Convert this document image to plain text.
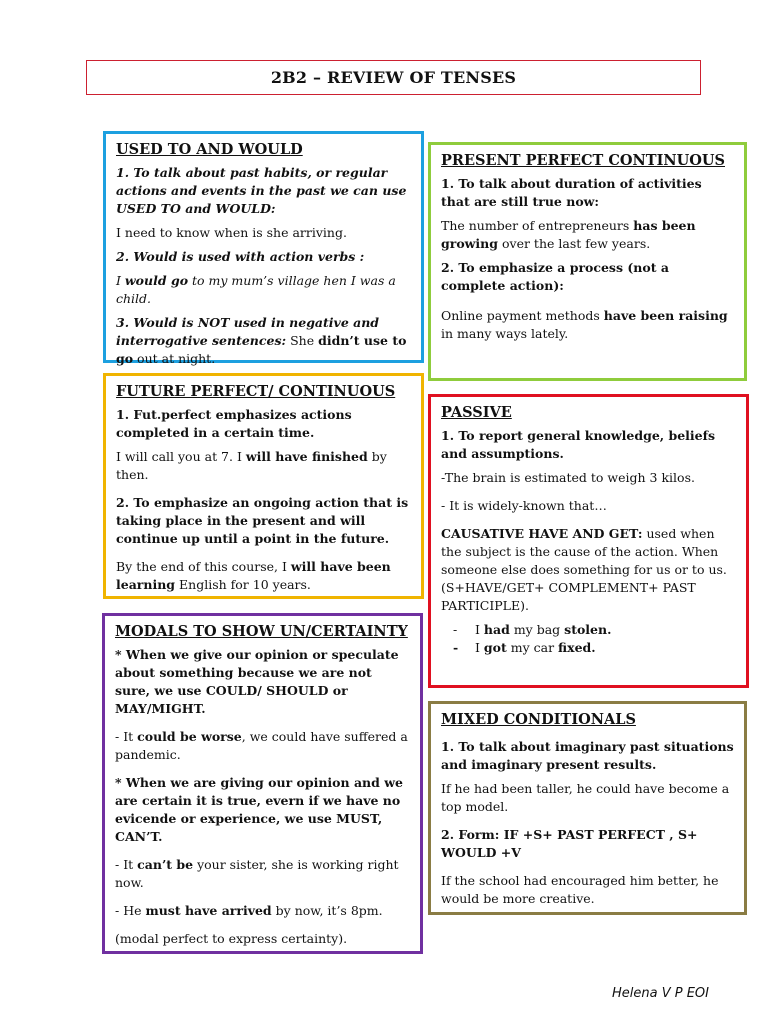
2B2 – REVIEW OF TENSES
USED TO AND WOULD

1. To talk about past habits, or regular actions and events in the past we can use USED TO and WOULD:

I need to know when is she arriving.

2. Would is used with action verbs :

I would go to my mum’s village hen I was a child.

3. Would is NOT used in negative and interrogative sentences: She didn’t use to go out at night.

PRESENT PERFECT CONTINUOUS

1. To talk about duration of activities that are still true now:

The number of entrepreneurs has been growing over the last few years.

2. To emphasize a process (not a complete action):

Online payment methods have been raising in many ways lately.

FUTURE PERFECT/ CONTINUOUS

1. Fut.perfect emphasizes actions completed in a certain time.

I will call you at 7. I will have finished by then.

2. To emphasize an ongoing action that is taking place in the present and will continue up until a point in the future.

By the end of this course, I will have been learning English for 10 years.

PASSIVE

1. To report general knowledge, beliefs and assumptions.

-The brain is estimated to weigh 3 kilos.

- It is widely-known that…

CAUSATIVE HAVE AND GET: used when the subject is the cause of the action. When someone else does something for us or to us. (S+HAVE/GET+ COMPLEMENT+ PAST PARTICIPLE).

- I had my bag stolen.
- I got my car fixed.
MODALS TO SHOW UN/CERTAINTY

* When we give our opinion or speculate about something because we are not sure, we use COULD/ SHOULD or MAY/MIGHT.

- It could be worse, we could have suffered a pandemic.

* When we are giving our opinion and we are certain it is true, evern if we have no evicende or experience, we use MUST, CAN’T.

- It can’t be your sister, she is working right now.

- He must have arrived by now, it’s 8pm.

(modal perfect to express certainty).

MIXED CONDITIONALS

1. To talk about imaginary past situations and imaginary present results.

If he had been taller, he could have become a top model.

2. Form: IF +S+ PAST PERFECT , S+ WOULD +V

If the school had encouraged him better, he would be more creative.

Helena V P EOI
